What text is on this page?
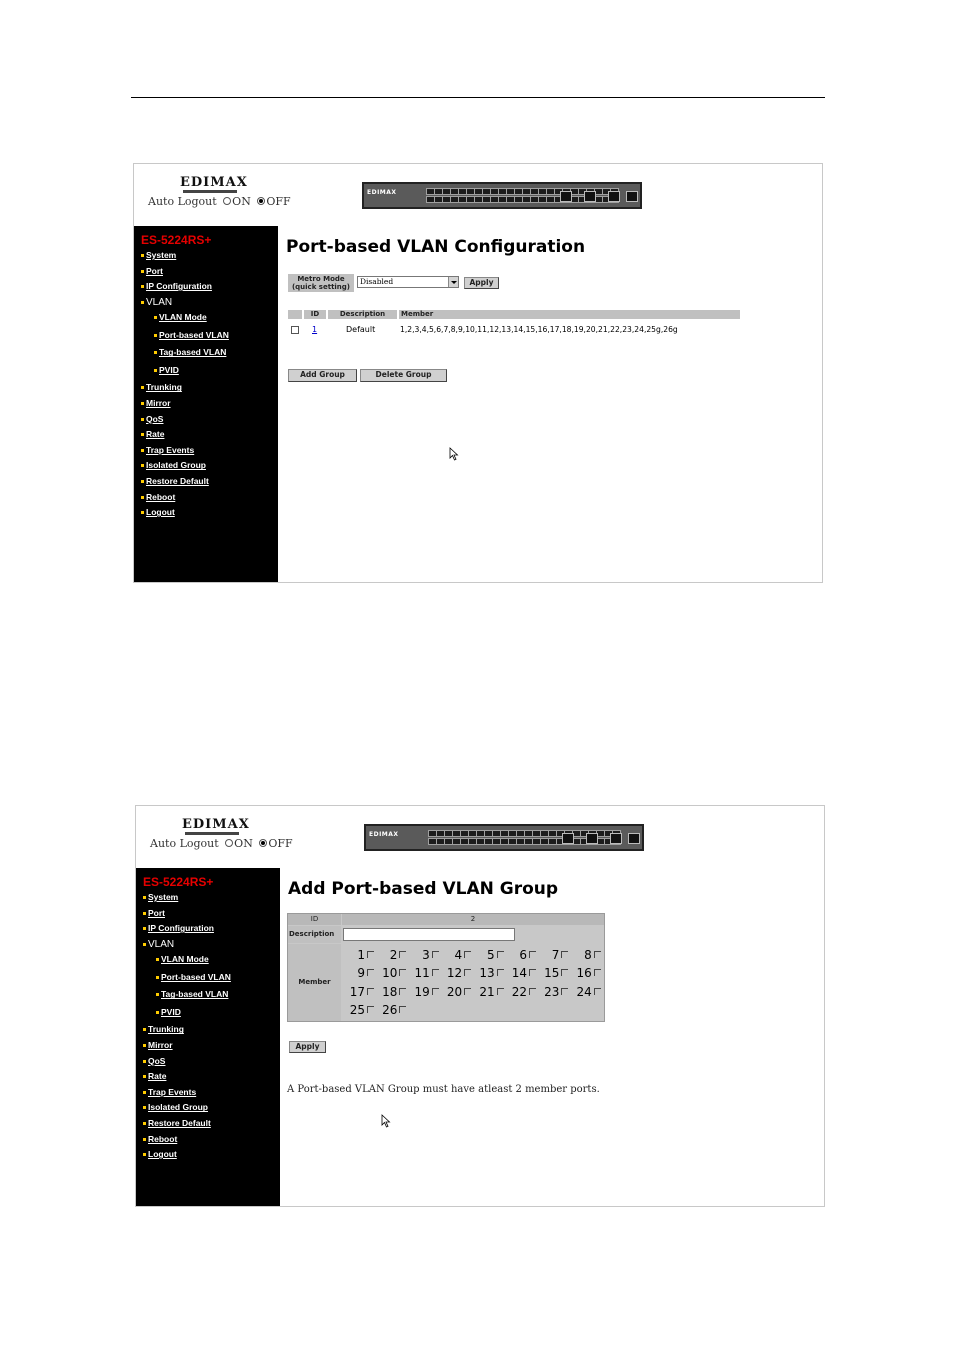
EDIMAX
Auto Logout ON OFF
EDIMAX
ES-5224RS+
System
Port
IP Configuration
VLAN
VLAN Mode
Port-based VLAN
Tag-based VLAN
PVID
Trunking
Mirror
QoS
Rate
Trap Events
Isolated Group
Restore Default
Reboot
Logout
Port-based VLAN Configuration
Metro Mode
(quick setting)
Disabled	Apply
ID	Description	Member
1	Default	1,2,3,4,5,6,7,8,9,10,11,12,13,14,15,16,17,18,19,20,21,22,23,24,25g,26g
Add Group	Delete Group
EDIMAX
Auto Logout ON OFF
EDIMAX
ES-5224RS+
System
Port
IP Configuration
VLAN
VLAN Mode
Port-based VLAN
Tag-based VLAN
PVID
Trunking
Mirror
QoS
Rate
Trap Events
Isolated Group
Restore Default
Reboot
Logout
Add Port-based VLAN Group
ID	2
Description
Member
1	2	3	4	5	6	7	8
9	10	11	12	13	14	15	16
17	18	19	20	21	22	23	24
25	26
Apply
A Port-based VLAN Group must have atleast 2 member ports.
